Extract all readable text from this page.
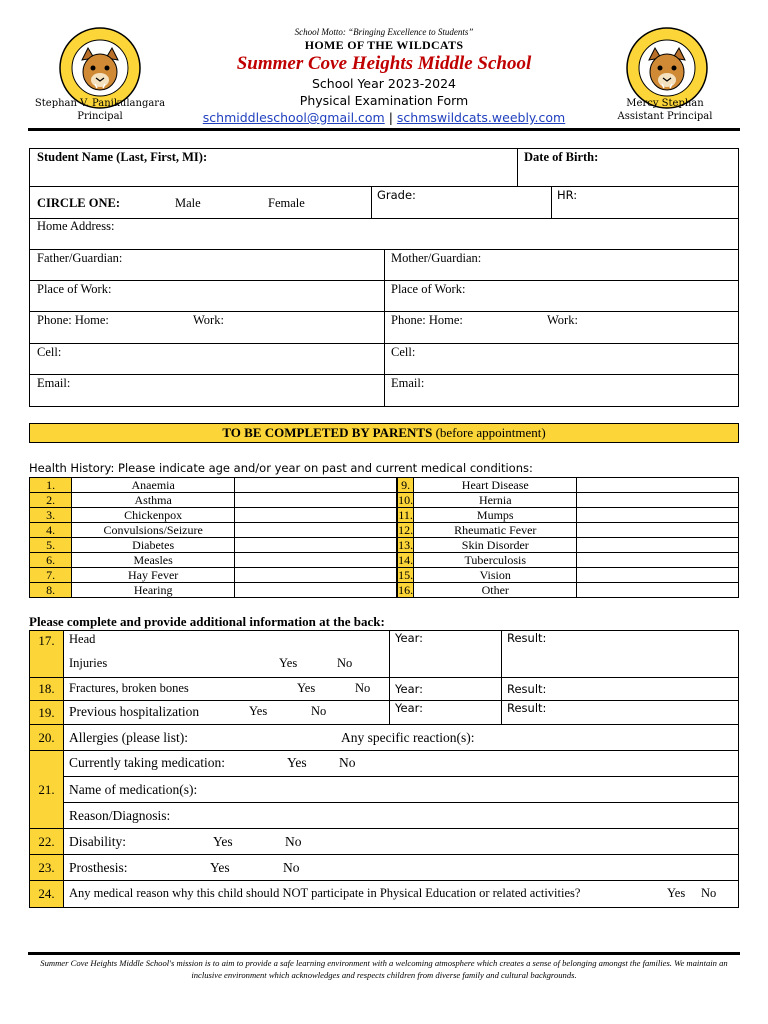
School Motto: “Bringing Excellence to Students”
HOME OF THE WILDCATS
Summer Cove Heights Middle School
School Year 2023-2024
Physical Examination Form
schmiddleschool@gmail.com | schmswildcats.weebly.com
Stephan V. Panikulangara
Principal
Mercy Stephan
Assistant Principal
Student Name (Last, First, MI):	Date of Birth:
CIRCLE ONE:	Male	Female
Grade:	HR:
Home Address:
Father/Guardian:	Mother/Guardian:
Place of Work:	Place of Work:
Phone: Home:	Work:	Phone: Home:	Work:
Cell:	Cell:
Email:	Email:
TO BE COMPLETED BY PARENTS (before appointment)
Health History: Please indicate age and/or year on past and current medical conditions:
1.	Anaemia		9.	Heart Disease	
2.	Asthma		10.	Hernia	
3.	Chickenpox		11.	Mumps	
4.	Convulsions/Seizure		12.	Rheumatic Fever	
5.	Diabetes		13.	Skin Disorder	
6.	Measles		14.	Tuberculosis	
7.	Hay Fever		15.	Vision	
8.	Hearing		16.	Other	
Please complete and provide additional information at the back:
17.	Head
Injuries Yes No	Year:	Result:
18.	Fractures, broken bones Yes No	Year:	Result:
19.	Previous hospitalization Yes No	Year:	Result:
20.	Allergies (please list): Any specific reaction(s):		

21.	Currently taking medication: Yes No		

	Name of medication(s):		
	Reason/Diagnosis:		
22.	Disability: Yes No		

23.	Prosthesis: Yes No		

24.	Any medical reason why this child should NOT participate in Physical Education or related activities? Yes No		
Summer Cove Heights Middle School's mission is to aim to provide a safe learning environment with a welcoming atmosphere which creates a sense of belonging amongst the families. We maintain an inclusive environment which acknowledges and respects children from diverse family and cultural backgrounds.
